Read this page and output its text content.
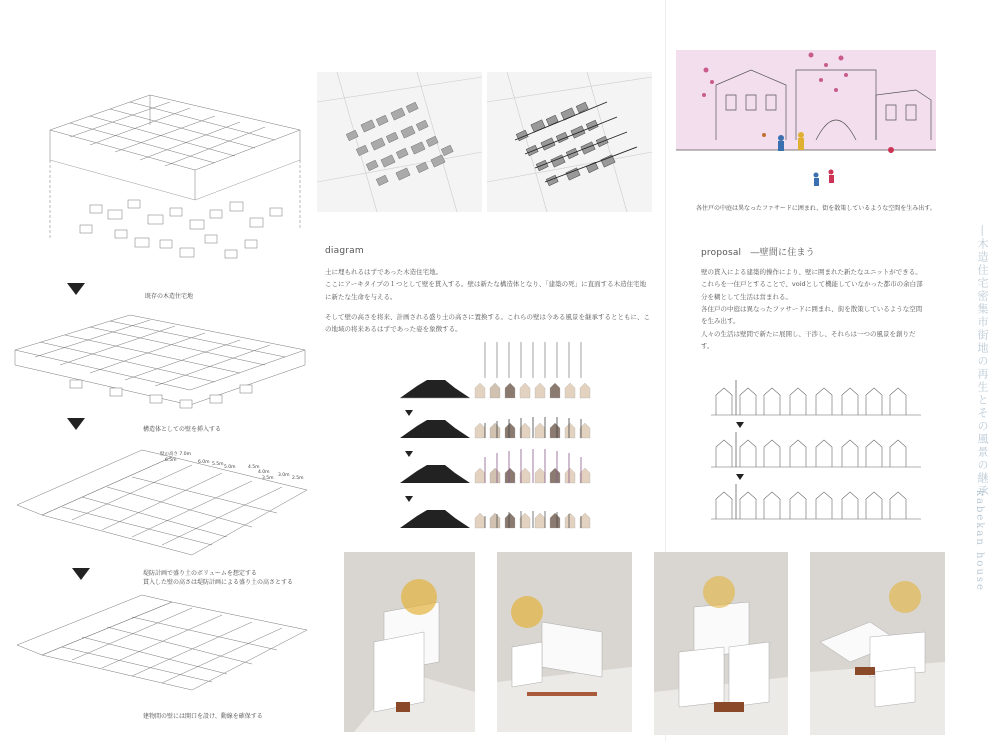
既存の木造住宅地
構造体としての壁を挿入する
壁の高さ 7.0m
6.5m	6.0m 5.5m
5.0m	4.5m
4.0m
3.5m
3.0m
2.5m
堤防計画で盛り土のボリュームを想定する
貫入した壁の高さは堤防計画による盛り土の高さとする
建物間の壁には開口を設け、動線を確保する
diagram
土に埋もれるはずであった木造住宅地。
ここにアーキタイプの１つとして壁を貫入する。壁は新たな構造体となり、「建築の死」に直面する木造住宅地に新たな生命を与える。
そして壁の高さを将来、計画される盛り土の高さに置換する。これらの壁は今ある風景を継承するとともに、この地域の将来あるはずであった姿を象徴する。
各住戸の中庭は異なったファサードに囲まれ、街を散策しているような空間を生み出す。
proposal　―壁間に住まう
壁の貫入による建築的操作により、壁に囲まれた新たなユニットができる。これらを一住戸とすることで、voidとして機能していなかった都市の余白部分を糊として生活は営まれる。
各住戸の中庭は異なったファサードに囲まれ、街を散策しているような空間を生み出す。
人々の生活は壁間で新たに展開し、干渉し、それらは一つの風景を創りだす。	―木造住宅密集市街地の再生とその風景の継承
kabekan house
